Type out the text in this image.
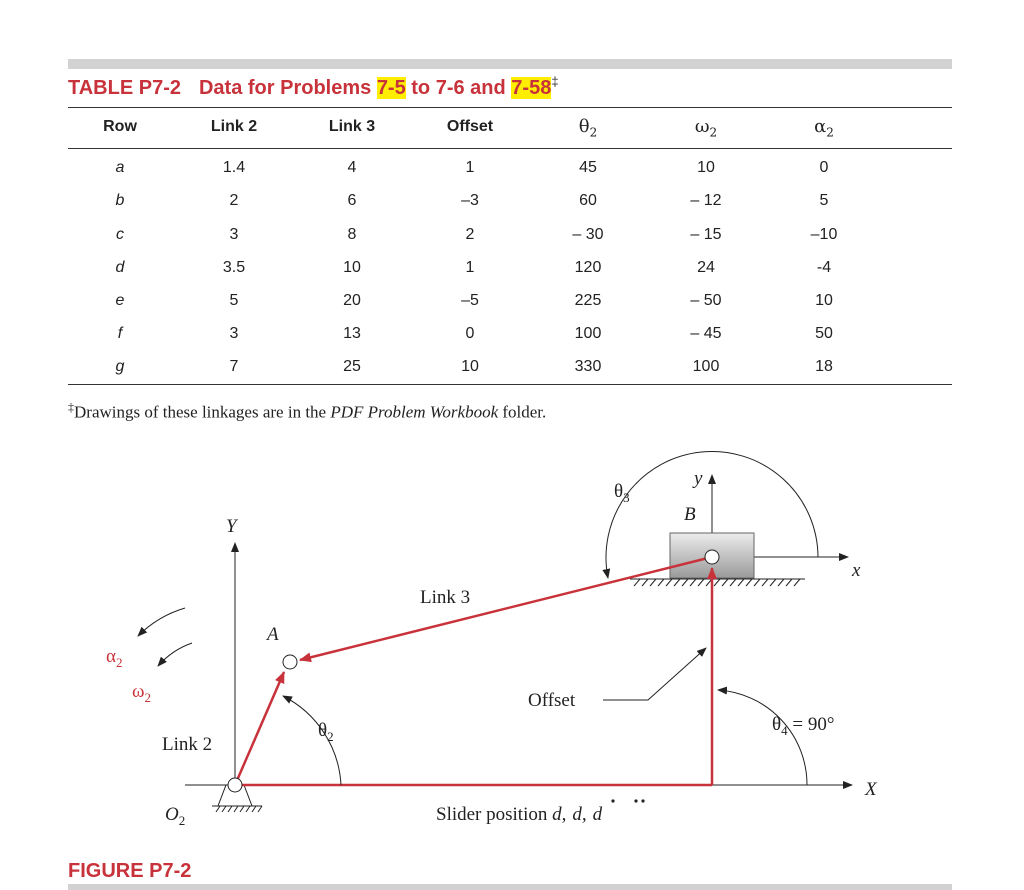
TABLE P7-2 Data for Problems 7-5 to 7-6 and 7-58‡
Row	Link 2	Link 3	Offset	$\theta_2$	$\omega_2$	$\alpha_2$
a	1.4	4	1	45	10	0
b	2	6	–3	60	– 12	5
c	3	8	2	– 30	– 15	–10
d	3.5	10	1	120	24	-4
e	5	20	–5	225	– 50	10
f	3	13	0	100	– 45	50
g	7	25	10	330	100	18
‡Drawings of these linkages are in the PDF Problem Workbook folder.
Y
X
x
y
B
A
$O_2$
Link 2
Link 3
Offset
$\theta_2$
$\theta_3$
$\theta_4 = 90^\circ$
$\alpha_2$
$\omega_2$
Slider position d, d, d
FIGURE P7-2
